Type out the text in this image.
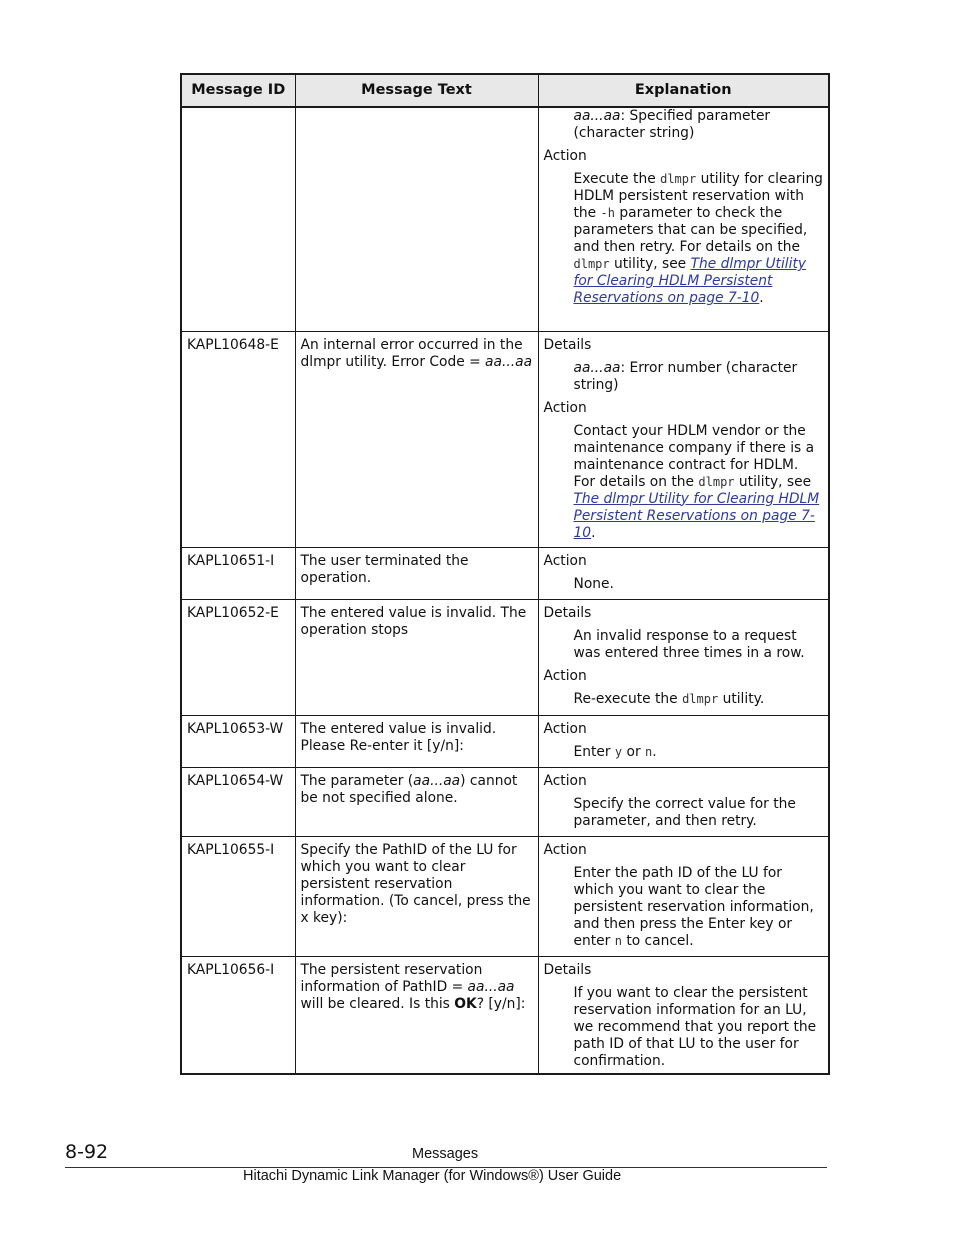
Message ID	Message Text	Explanation

		aa...aa: Specified parameter (character string)
Action
Execute the dlmpr utility for clearing HDLM persistent reservation with the -h parameter to check the parameters that can be specified, and then retry. For details on the dlmpr utility, see The dlmpr Utility for Clearing HDLM Persistent Reservations on page 7-10.

KAPL10648-E	An internal error occurred in the dlmpr utility. Error Code = aa...aa	Details
aa...aa: Error number (character string)
Action
Contact your HDLM vendor or the maintenance company if there is a maintenance contract for HDLM. For details on the dlmpr utility, see The dlmpr Utility for Clearing HDLM Persistent Reservations on page 7-10.

KAPL10651-I	The user terminated the operation.	Action
None.

KAPL10652-E	The entered value is invalid. The operation stops	Details
An invalid response to a request was entered three times in a row.
Action
Re-execute the dlmpr utility.

KAPL10653-W	The entered value is invalid. Please Re-enter it [y/n]:	Action
Enter y or n.

KAPL10654-W	The parameter (aa...aa) cannot be not specified alone.	Action
Specify the correct value for the parameter, and then retry.

KAPL10655-I	Specify the PathID of the LU for which you want to clear persistent reservation information. (To cancel, press the x key):	Action
Enter the path ID of the LU for which you want to clear the persistent reservation information, and then press the Enter key or enter n to cancel.

KAPL10656-I	The persistent reservation information of PathID = aa...aa will be cleared. Is this OK? [y/n]:	Details
If you want to clear the persistent reservation information for an LU, we recommend that you report the path ID of that LU to the user for confirmation.
8-92	Messages
Hitachi Dynamic Link Manager (for Windows®) User Guide
